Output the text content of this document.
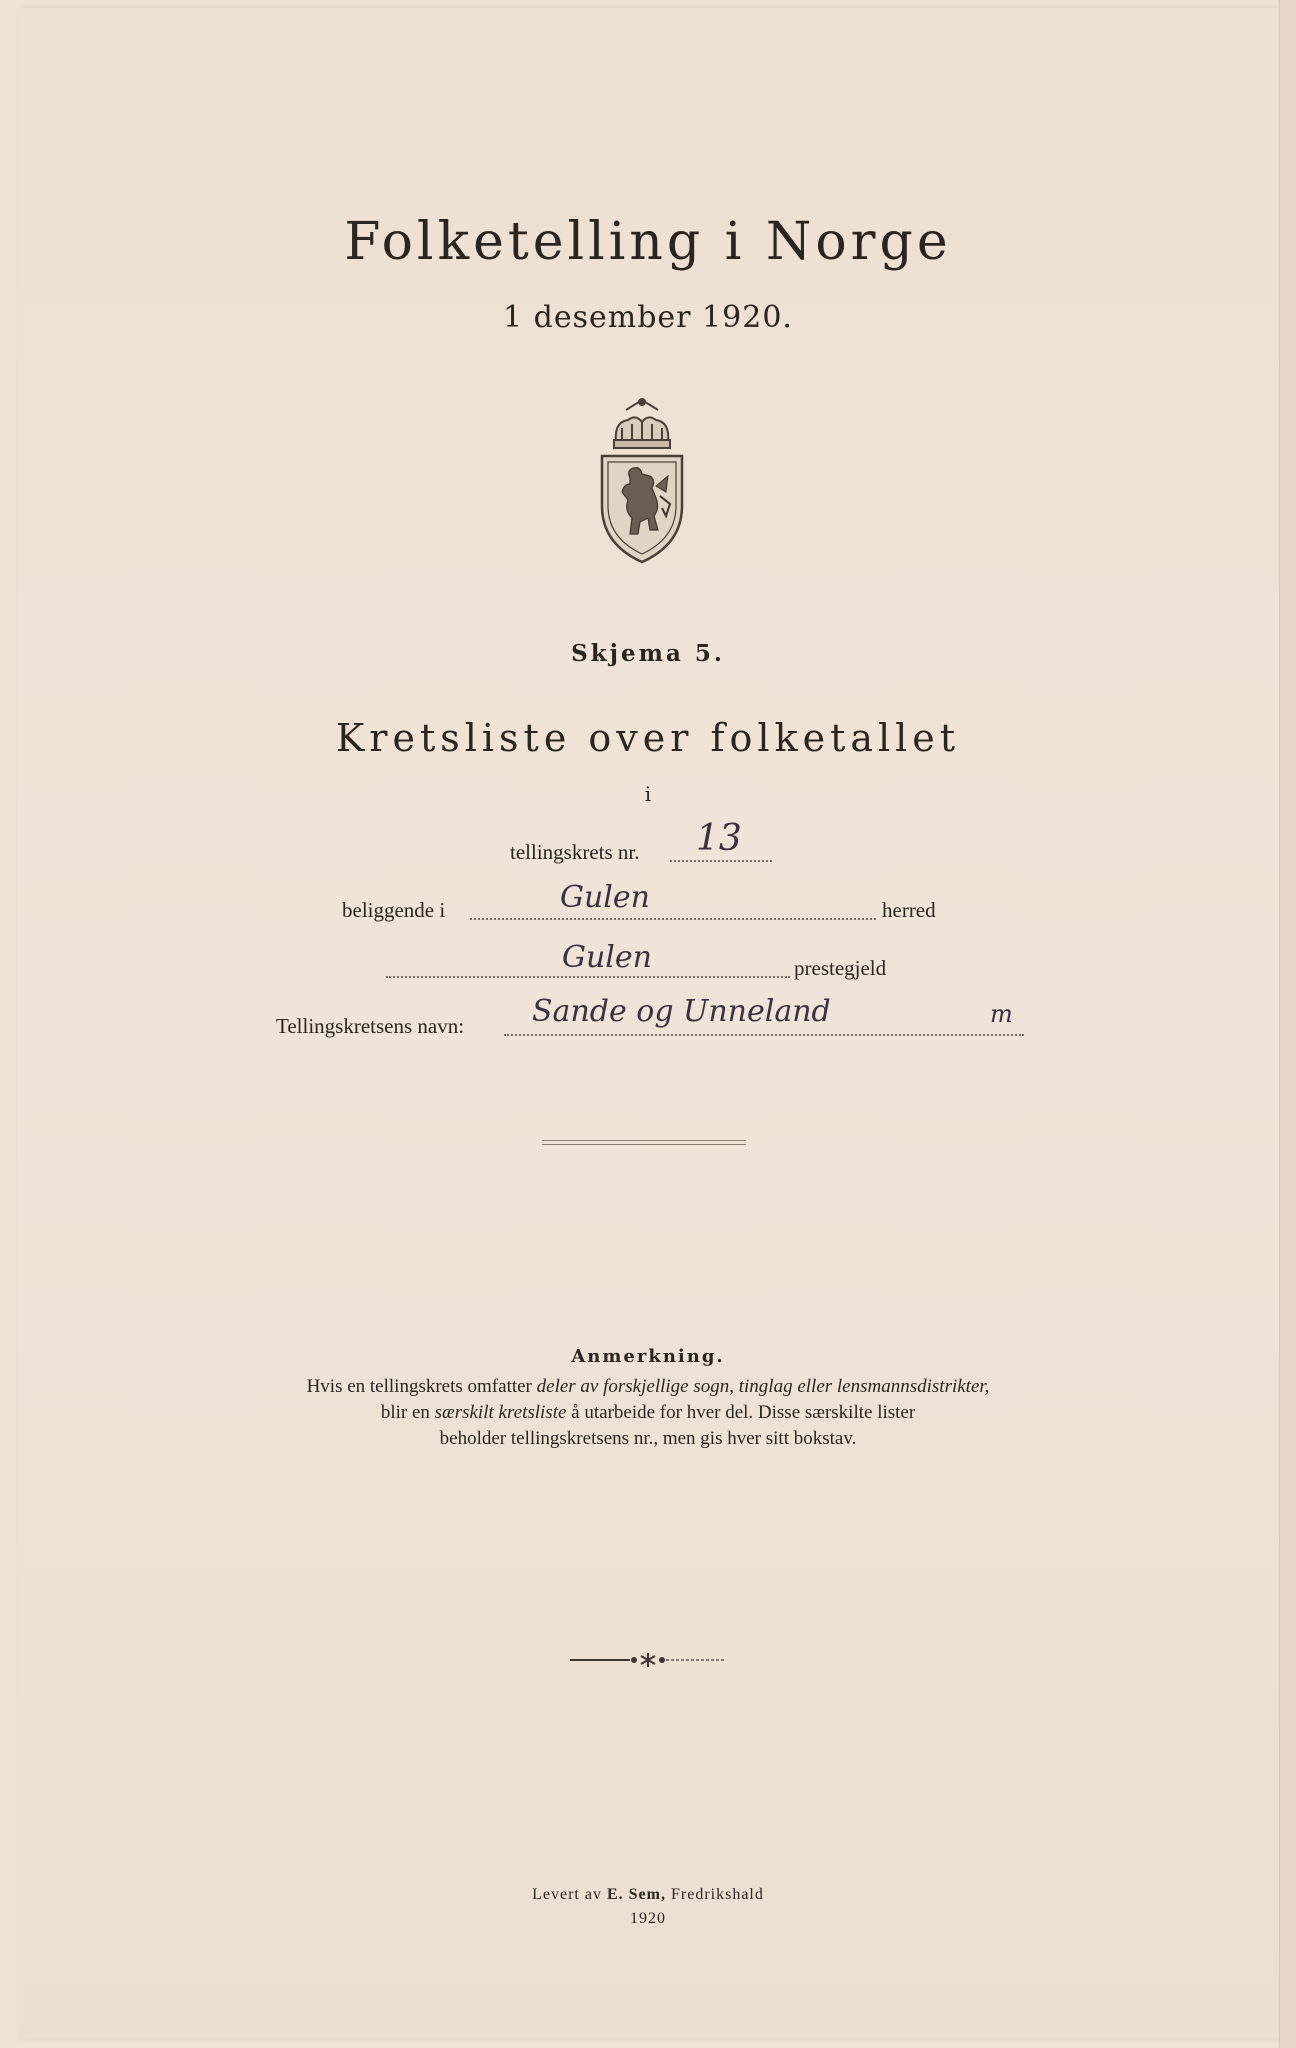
Folketelling i Norge
1 desember 1920.
Skjema 5.
Kretsliste over folketallet
i
tellingskrets nr. 13
beliggende i	Gulen	herred
Gulen	prestegjeld
Tellingskretsens navn: Sande og Unneland	m
Anmerkning.
Hvis en tellingskrets omfatter deler av forskjellige sogn, tinglag eller lensmannsdistrikter,
blir en særskilt kretsliste å utarbeide for hver del. Disse særskilte lister
beholder tellingskretsens nr., men gis hver sitt bokstav.
Levert av E. Sem, Fredrikshald
1920
